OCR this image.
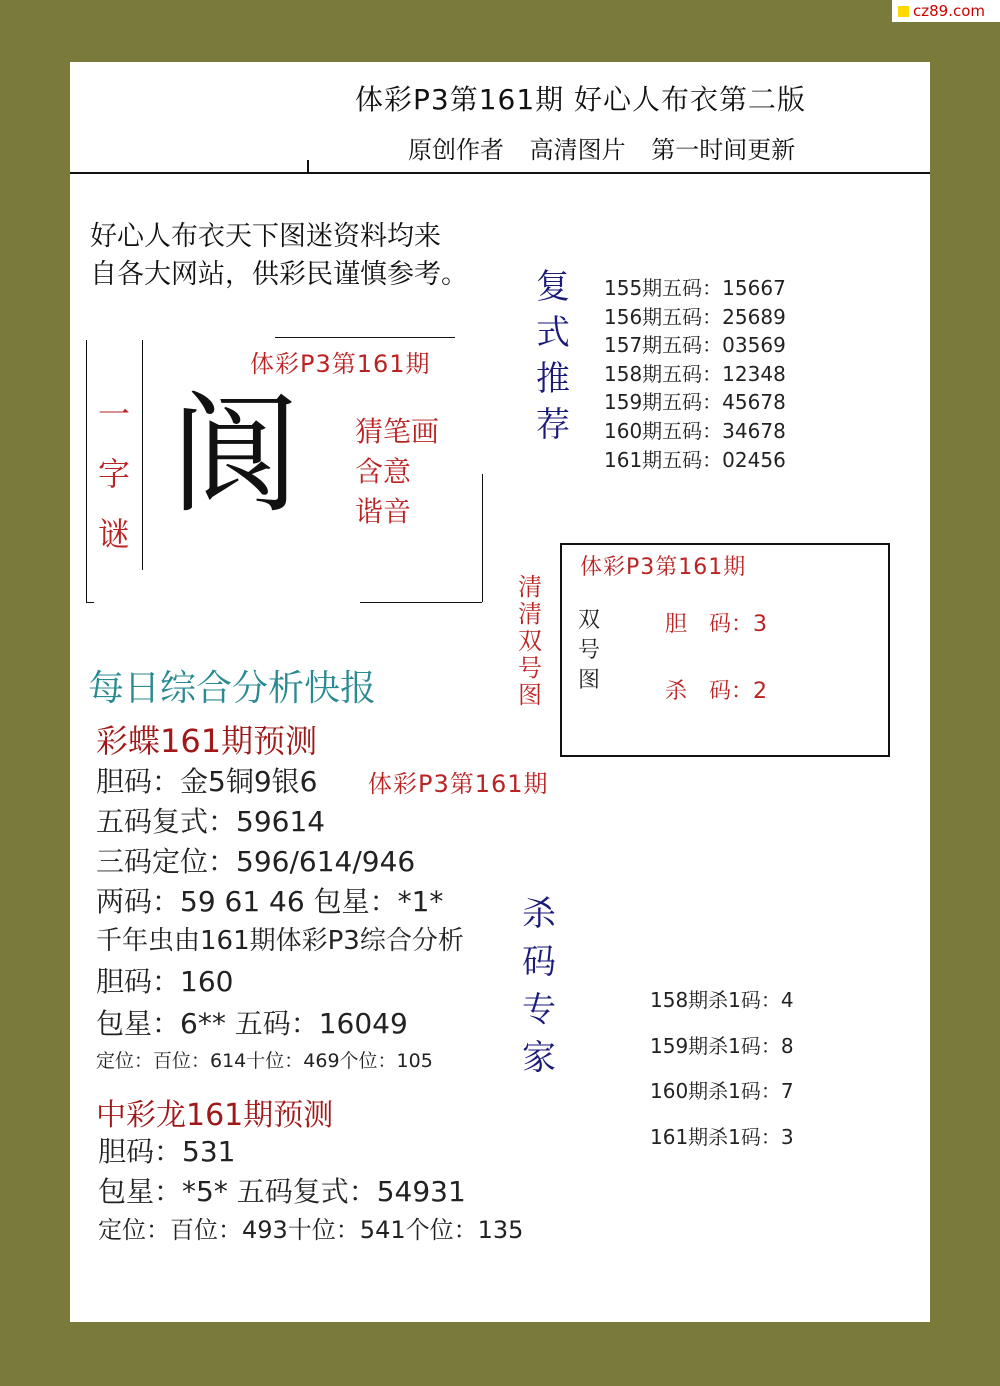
cz89.com
体彩P3第161期 好心人布衣第二版
原创作者 高清图片 第一时间更新
好心人布衣天下图迷资料均来
自各大网站，供彩民谨慎参考。
一字谜
体彩P3第161期
阆 猜笔画
含意
谐音
复式推荐
155期五码：15667
156期五码：25689
157期五码：03569
158期五码：12348
159期五码：45678
160期五码：34678
161期五码：02456
清清双号图
体彩P3第161期
双号图
胆　码：3
杀　码：2
每日综合分析快报
彩蝶161期预测
胆码：金5铜9银6 体彩P3第161期
五码复式：59614
三码定位：596/614/946
两码：59 61 46 包星：*1*
千年虫由161期体彩P3综合分析
胆码：160
包星：6** 五码：16049
定位：百位：614十位：469个位：105
杀码专家
158期杀1码：4
159期杀1码：8
160期杀1码：7
161期杀1码：3
中彩龙161期预测
胆码：531
包星：*5* 五码复式：54931
定位：百位：493十位：541个位：135
